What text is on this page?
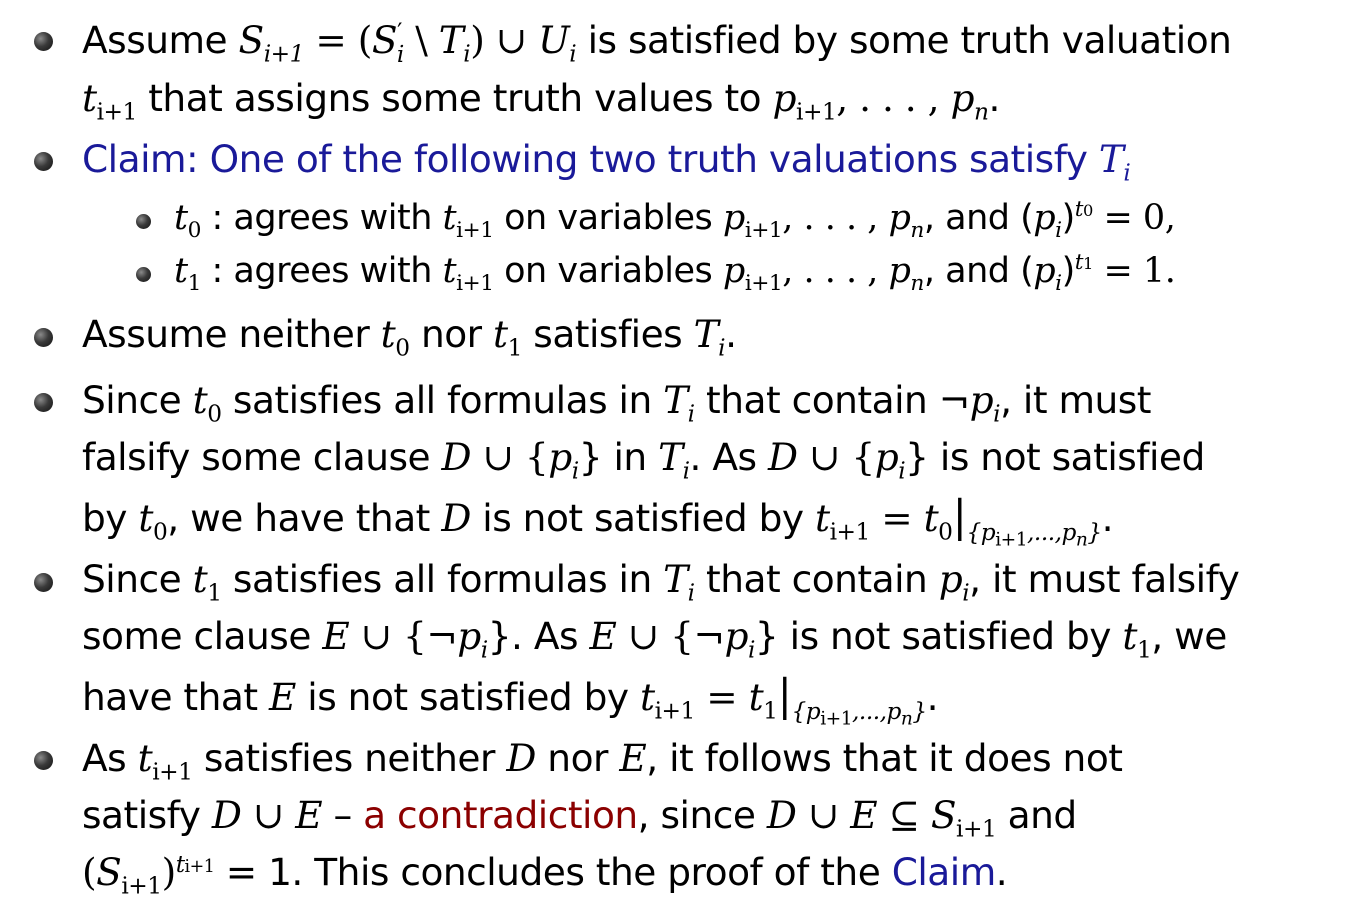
Assume $S_{i+1} = (S'_i$ \ $T_i$) ∪ $U_i$ is satisfied by some truth valuation
$t_{i+1}$ that assigns some truth values to $p_{i+1}$, . . . , $p_n$.
Claim: One of the following two truth valuations satisfy $T_i$
$t_0$ : agrees with $t_{i+1}$ on variables $p_{i+1}$, . . . , $p_n$, and $(p_i)^{t0} = 0$,
$t_1$ : agrees with $t_{i+1}$ on variables $p_{i+1}$, . . . , $p_n$, and $(p_i)^{t1} = 1$.
Assume neither $t_0$ nor $t_1$ satisfies $T_i$.
Since $t_0$ satisfies all formulas in $T_i$ that contain $\neg p_i$, it must
falsify some clause D ∪ $\{p_i\}$ in $T_i$. As D ∪ $\{p_i\}$ is not satisfied
by $t_0$, we have that D is not satisfied by $t_{i+1} = t_0|_{\{p_{i+1},...,p_n\}}$.
Since $t_1$ satisfies all formulas in $T_i$ that contain $p_i$, it must falsify
some clause E ∪ $\{\neg p_i\}$. As E ∪ $\{\neg p_i\}$ is not satisfied by $t_1$, we
have that E is not satisfied by $t_{i+1} = t_1|_{\{p_{i+1},...,p_n\}}$.
As $t_{i+1}$ satisfies neither D nor E, it follows that it does not
satisfy D ∪ E – a contradiction, since D ∪ E ⊆ $S_{i+1}$ and
$(S_{i+1})^{ti+1} = 1$. This concludes the proof of the Claim.
